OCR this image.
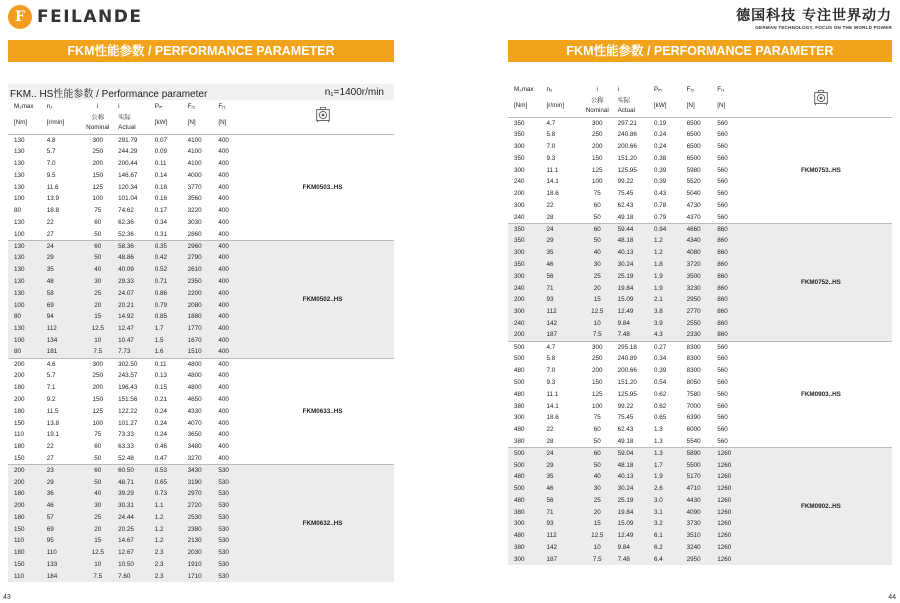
F FEILANDE
FKM性能参数 / PERFORMANCE PARAMETER
FKM.. HS性能参数 / Performance parameter	n₁=1400r/min
M₂max	n₂	i	i	Pᵢₙ	Fᵣ₂	Fᵣ₁	
[Nm]	[r/min]	公称	实际	[kW]	[N]	[N]	
		Nominal	Actual				
130	4.8	300	291.79	0.07	4100	400	FKM0503..HS
130	5.7	250	244.29	0.09	4100	400	
130	7.0	200	200.44	0.11	4100	400	
130	9.5	150	146.67	0.14	4000	400	
130	11.6	125	120.34	0.18	3770	400	
100	13.9	100	101.04	0.16	3560	400	
80	18.8	75	74.62	0.17	3220	400	
130	22	60	62.36	0.34	3030	400	
100	27	50	52.36	0.31	2860	400	
130	24	60	58.36	0.35	2960	400	FKM0502..HS
130	29	50	48.86	0.42	2790	400	
130	35	40	40.09	0.52	2610	400	
130	48	30	29.33	0.71	2350	400	
130	58	25	24.07	0.86	2200	400	
100	69	20	20.21	0.79	2080	400	
80	94	15	14.92	0.85	1880	400	
130	112	12.5	12.47	1.7	1770	400	
100	134	10	10.47	1.5	1670	400	
80	181	7.5	7.73	1.6	1510	400	
200	4.6	300	302.50	0.11	4800	400	FKM0633..HS
200	5.7	250	243.57	0.13	4800	400	
180	7.1	200	196.43	0.15	4800	400	
200	9.2	150	151.56	0.21	4650	400	
180	11.5	125	122.22	0.24	4330	400	
150	13.8	100	101.27	0.24	4070	400	
110	19.1	75	73.33	0.24	3650	400	
180	22	60	63.33	0.46	3480	400	
150	27	50	52.48	0.47	3270	400	
200	23	60	60.50	0.53	3430	530	FKM0632..HS
200	29	50	48.71	0.65	3190	530	
180	36	40	39.29	0.73	2970	530	
200	46	30	30.31	1.1	2720	530	
180	57	25	24.44	1.2	2530	530	
150	69	20	20.25	1.2	2380	530	
110	95	15	14.67	1.2	2130	530	
180	110	12.5	12.67	2.3	2030	530	
150	133	10	10.50	2.3	1910	530	
110	184	7.5	7.60	2.3	1710	530	
43
德国科技 专注世界动力
GERMAN TECHNOLOGY, FOCUS ON THE WORLD POWER
FKM性能参数 / PERFORMANCE PARAMETER
M₂max	n₂	i	i	Pᵢₙ	Fᵣ₂	Fᵣ₁	
[Nm]	[r/min]	公称	实际	[kW]	[N]	[N]	
		Nominal	Actual				
350	4.7	300	297.21	0.19	6500	560	FKM0753..HS
350	5.8	250	240.86	0.24	6500	560	
300	7.0	200	200.66	0.24	6500	560	
350	9.3	150	151.20	0.38	6500	560	
300	11.1	125	125.95	0.39	5980	560	
240	14.1	100	99.22	0.39	5520	560	
200	18.6	75	75.45	0.43	5040	560	
300	22	60	62.43	0.78	4730	560	
240	28	50	49.18	0.79	4370	560	
350	24	60	59.44	0.94	4660	860	FKM0752..HS
350	29	50	48.18	1.2	4340	860	
300	35	40	40.13	1.2	4080	860	
350	46	30	30.24	1.8	3720	860	
300	56	25	25.19	1.9	3500	860	
240	71	20	19.84	1.9	3230	860	
200	93	15	15.09	2.1	2950	860	
300	112	12.5	12.49	3.8	2770	860	
240	142	10	9.84	3.9	2550	860	
200	187	7.5	7.48	4.3	2330	860	
500	4.7	300	295.18	0.27	8300	560	FKM0903..HS
500	5.8	250	240.89	0.34	8300	560	
480	7.0	200	200.66	0.39	8300	560	
500	9.3	150	151.20	0.54	8050	560	
480	11.1	125	125.95	0.62	7580	560	
380	14.1	100	99.22	0.62	7000	560	
300	18.6	75	75.45	0.65	6390	560	
480	22	60	62.43	1.3	6000	560	
380	28	50	49.18	1.3	5540	560	
500	24	60	59.04	1.3	5890	1260	FKM0902..HS
500	29	50	48.18	1.7	5500	1260	
480	35	40	40.13	1.9	5170	1260	
500	46	30	30.24	2.6	4710	1260	
480	56	25	25.19	3.0	4430	1260	
380	71	20	19.84	3.1	4090	1260	
300	93	15	15.09	3.2	3730	1260	
480	112	12.5	12.49	6.1	3510	1260	
380	142	10	9.84	6.2	3240	1260	
300	187	7.5	7.48	6.4	2950	1260	
44
